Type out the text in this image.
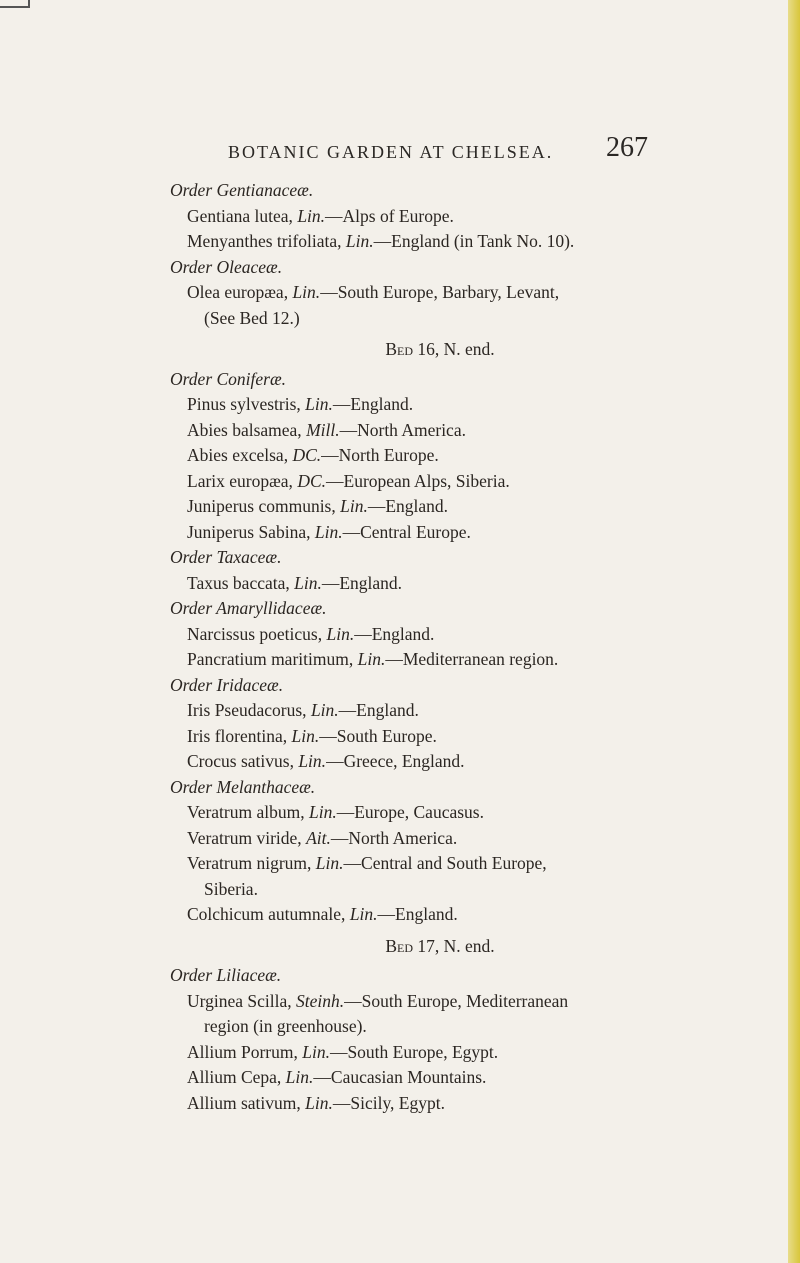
BOTANIC GARDEN AT CHELSEA. 267
Order Gentianaceæ.
Gentiana lutea, Lin.—Alps of Europe.
Menyanthes trifoliata, Lin.—England (in Tank No. 10).
Order Oleaceæ.
Olea europæa, Lin.—South Europe, Barbary, Levant,
(See Bed 12.)
Bed 16, N. end.
Order Coniferæ.
Pinus sylvestris, Lin.—England.
Abies balsamea, Mill.—North America.
Abies excelsa, DC.—North Europe.
Larix europæa, DC.—European Alps, Siberia.
Juniperus communis, Lin.—England.
Juniperus Sabina, Lin.—Central Europe.
Order Taxaceæ.
Taxus baccata, Lin.—England.
Order Amaryllidaceæ.
Narcissus poeticus, Lin.—England.
Pancratium maritimum, Lin.—Mediterranean region.
Order Iridaceæ.
Iris Pseudacorus, Lin.—England.
Iris florentina, Lin.—South Europe.
Crocus sativus, Lin.—Greece, England.
Order Melanthaceæ.
Veratrum album, Lin.—Europe, Caucasus.
Veratrum viride, Ait.—North America.
Veratrum nigrum, Lin.—Central and South Europe,
Siberia.
Colchicum autumnale, Lin.—England.
Bed 17, N. end.
Order Liliaceæ.
Urginea Scilla, Steinh.—South Europe, Mediterranean
region (in greenhouse).
Allium Porrum, Lin.—South Europe, Egypt.
Allium Cepa, Lin.—Caucasian Mountains.
Allium sativum, Lin.—Sicily, Egypt.
